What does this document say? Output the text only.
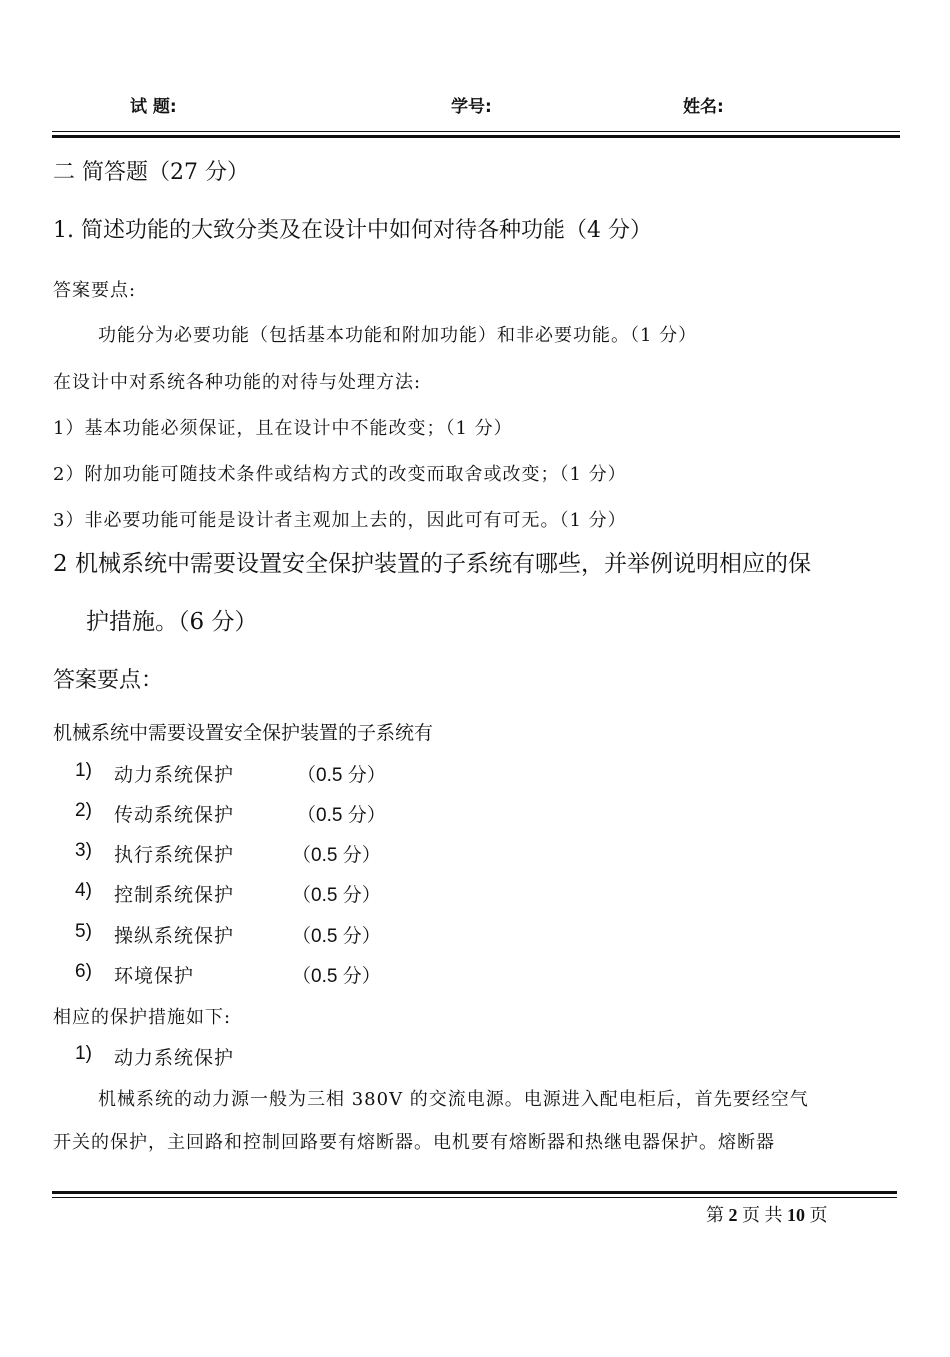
试 题:	学号:	姓名:
二 简答题（27 分）
1. 简述功能的大致分类及在设计中如何对待各种功能（4 分）
答案要点:
功能分为必要功能（包括基本功能和附加功能）和非必要功能。（1 分）
在设计中对系统各种功能的对待与处理方法:
1）基本功能必须保证，且在设计中不能改变；（1 分）
2）附加功能可随技术条件或结构方式的改变而取舍或改变；（1 分）
3）非必要功能可能是设计者主观加上去的，因此可有可无。（1 分）
2 机械系统中需要设置安全保护装置的子系统有哪些，并举例说明相应的保
护措施。（6 分）
答案要点：
机械系统中需要设置安全保护装置的子系统有
1) 动力系统保护	（0.5 分）
2) 传动系统保护	（0.5 分）
3) 执行系统保护	（0.5 分）
4) 控制系统保护	（0.5 分）
5) 操纵系统保护	（0.5 分）
6) 环境保护	（0.5 分）
相应的保护措施如下:
1) 动力系统保护
机械系统的动力源一般为三相 380V 的交流电源。电源进入配电柜后，首先要经空气
开关的保护，主回路和控制回路要有熔断器。电机要有熔断器和热继电器保护。熔断器
第 2 页 共 10 页
